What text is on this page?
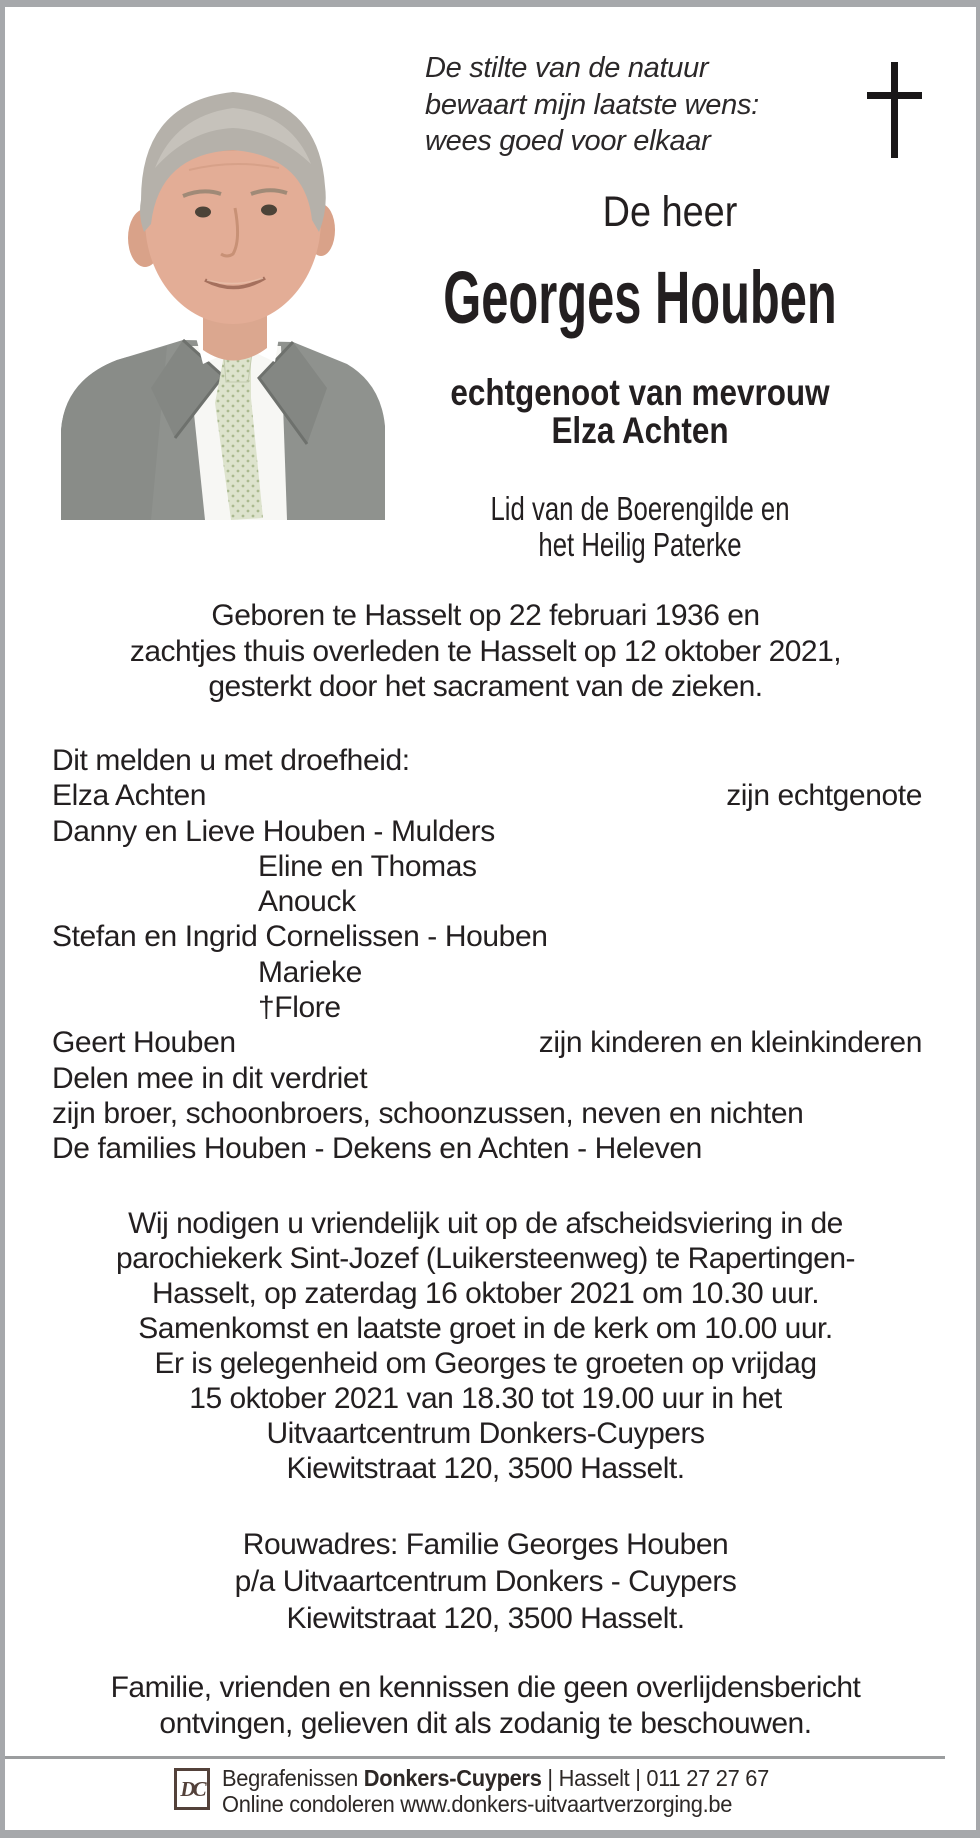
De stilte van de natuur
bewaart mijn laatste wens:
wees goed voor elkaar
De heer
Georges Houben
echtgenoot van mevrouw
Elza Achten
Lid van de Boerengilde en
het Heilig Paterke
Geboren te Hasselt op 22 februari 1936 en
zachtjes thuis overleden te Hasselt op 12 oktober 2021,
gesterkt door het sacrament van de zieken.
Dit melden u met droefheid:
Elza Achten	zijn echtgenote
Danny en Lieve Houben - Mulders
Eline en Thomas
Anouck
Stefan en Ingrid Cornelissen - Houben
Marieke
†Flore
Geert Houben	zijn kinderen en kleinkinderen
Delen mee in dit verdriet
zijn broer, schoonbroers, schoonzussen, neven en nichten
De families Houben - Dekens en Achten - Heleven
Wij nodigen u vriendelijk uit op de afscheidsviering in de
parochiekerk Sint-Jozef (Luikersteenweg) te Rapertingen-
Hasselt, op zaterdag 16 oktober 2021 om 10.30 uur.
Samenkomst en laatste groet in de kerk om 10.00 uur.
Er is gelegenheid om Georges te groeten op vrijdag
15 oktober 2021 van 18.30 tot 19.00 uur in het
Uitvaartcentrum Donkers-Cuypers
Kiewitstraat 120, 3500 Hasselt.
Rouwadres: Familie Georges Houben
p/a Uitvaartcentrum Donkers - Cuypers
Kiewitstraat 120, 3500 Hasselt.
Familie, vrienden en kennissen die geen overlijdensbericht
ontvingen, gelieven dit als zodanig te beschouwen.
DC Begrafenissen Donkers-Cuypers | Hasselt | 011 27 27 67
Online condoleren www.donkers-uitvaartverzorging.be
